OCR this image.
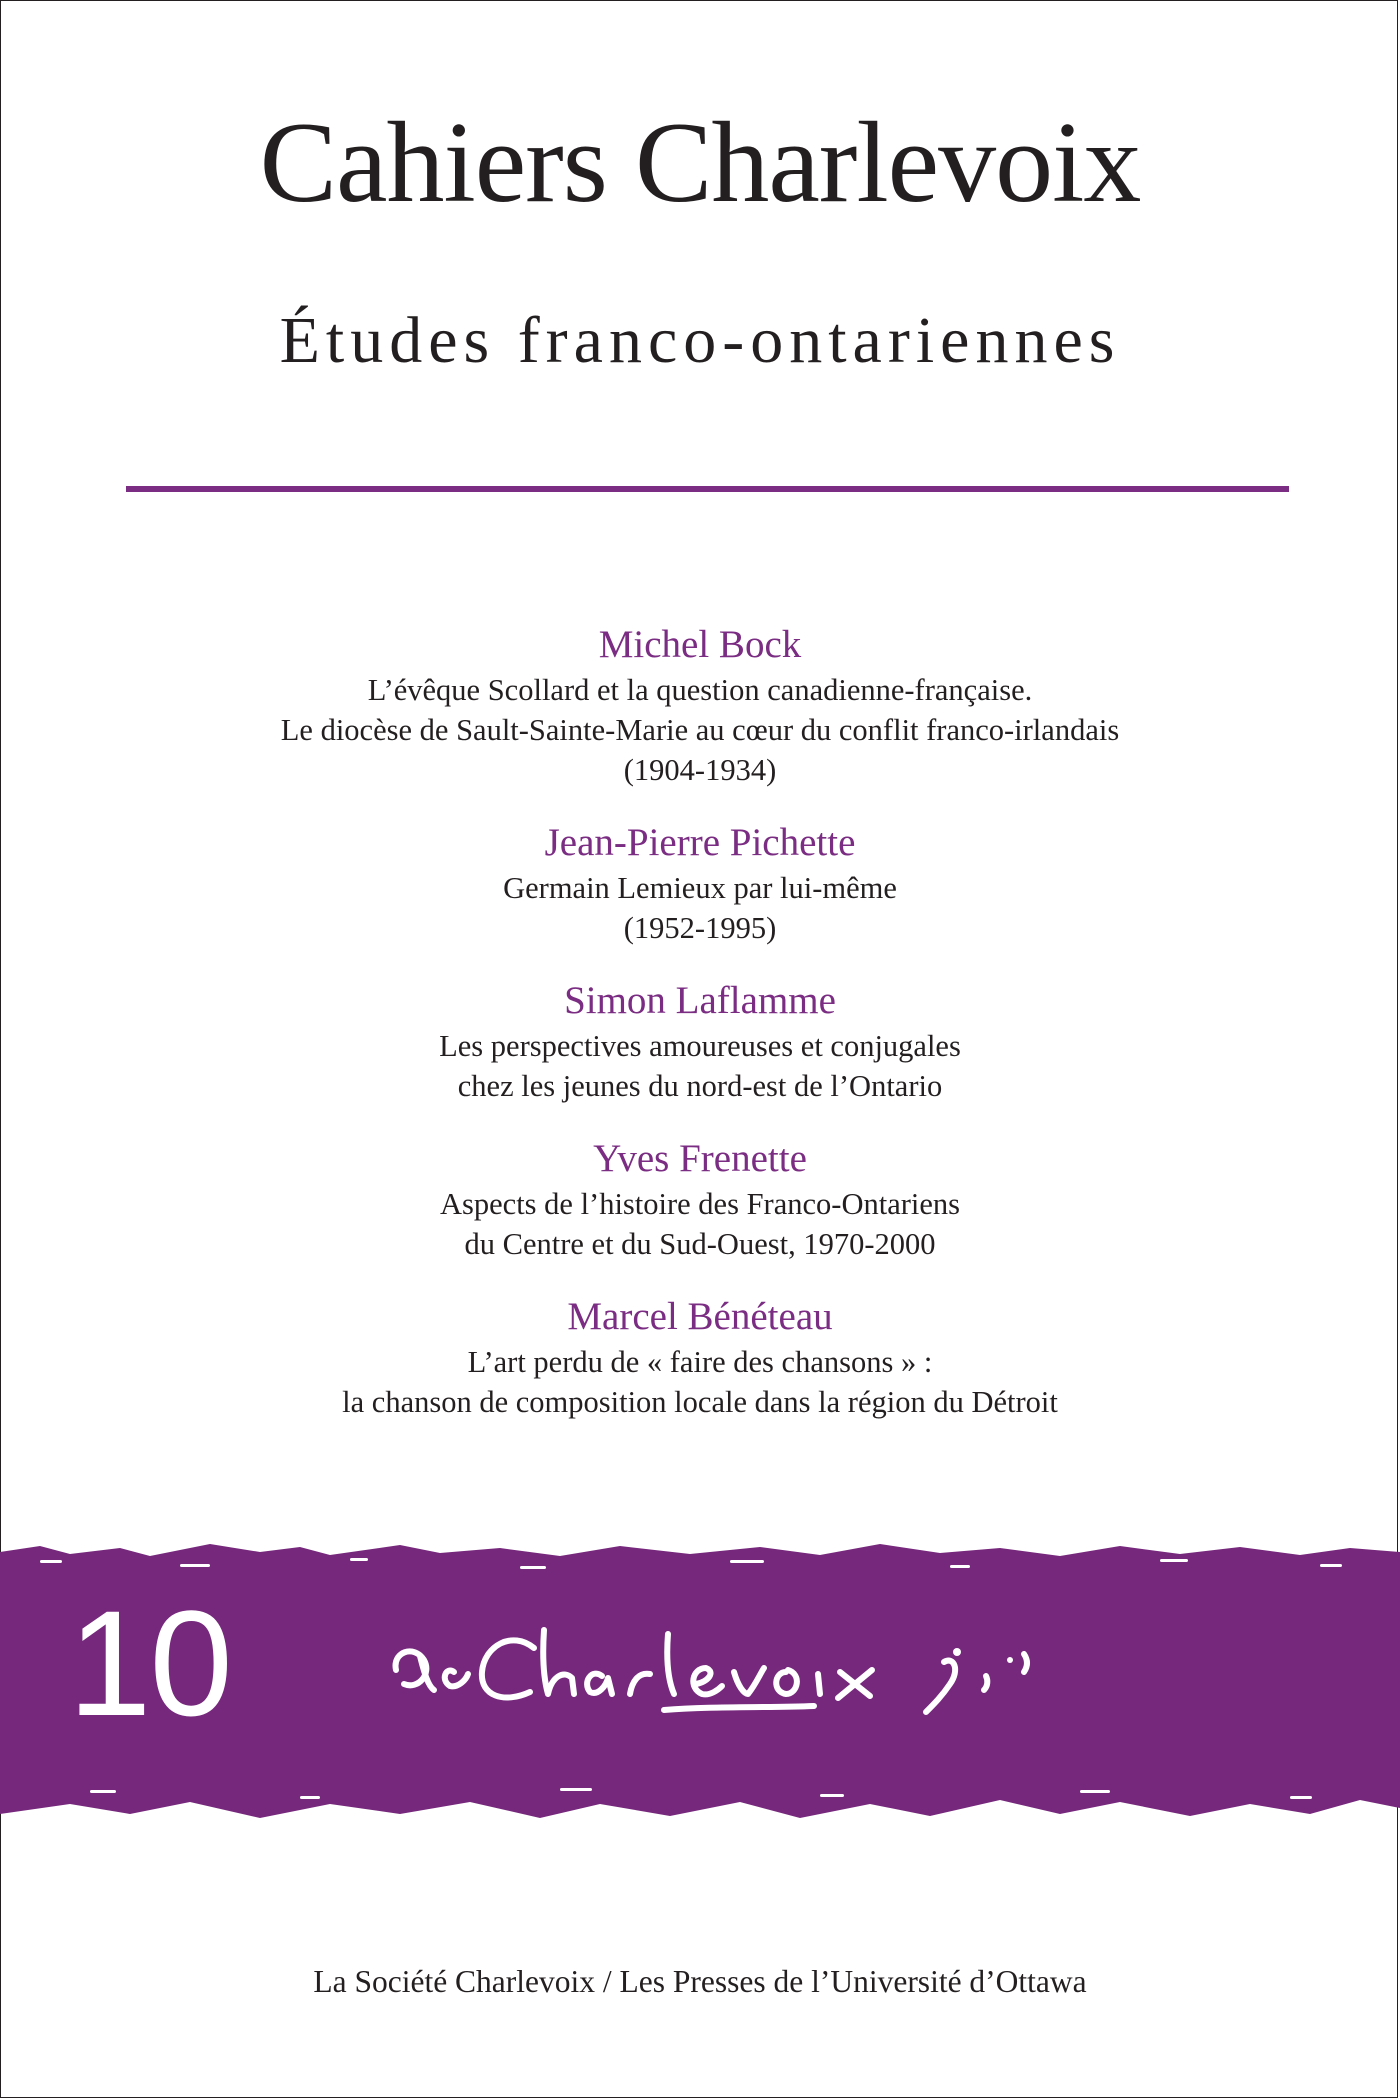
Cahiers Charlevoix
Études franco-ontariennes
Michel Bock
L’évêque Scollard et la question canadienne-française.
Le diocèse de Sault-Sainte-Marie au cœur du conflit franco-irlandais
(1904-1934)
Jean-Pierre Pichette
Germain Lemieux par lui-même
(1952-1995)
Simon Laflamme
Les perspectives amoureuses et conjugales
chez les jeunes du nord-est de l’Ontario
Yves Frenette
Aspects de l’histoire des Franco-Ontariens
du Centre et du Sud-Ouest, 1970-2000
Marcel Bénéteau
L’art perdu de « faire des chansons » :
la chanson de composition locale dans la région du Détroit
10
La Société Charlevoix / Les Presses de l’Université d’Ottawa
